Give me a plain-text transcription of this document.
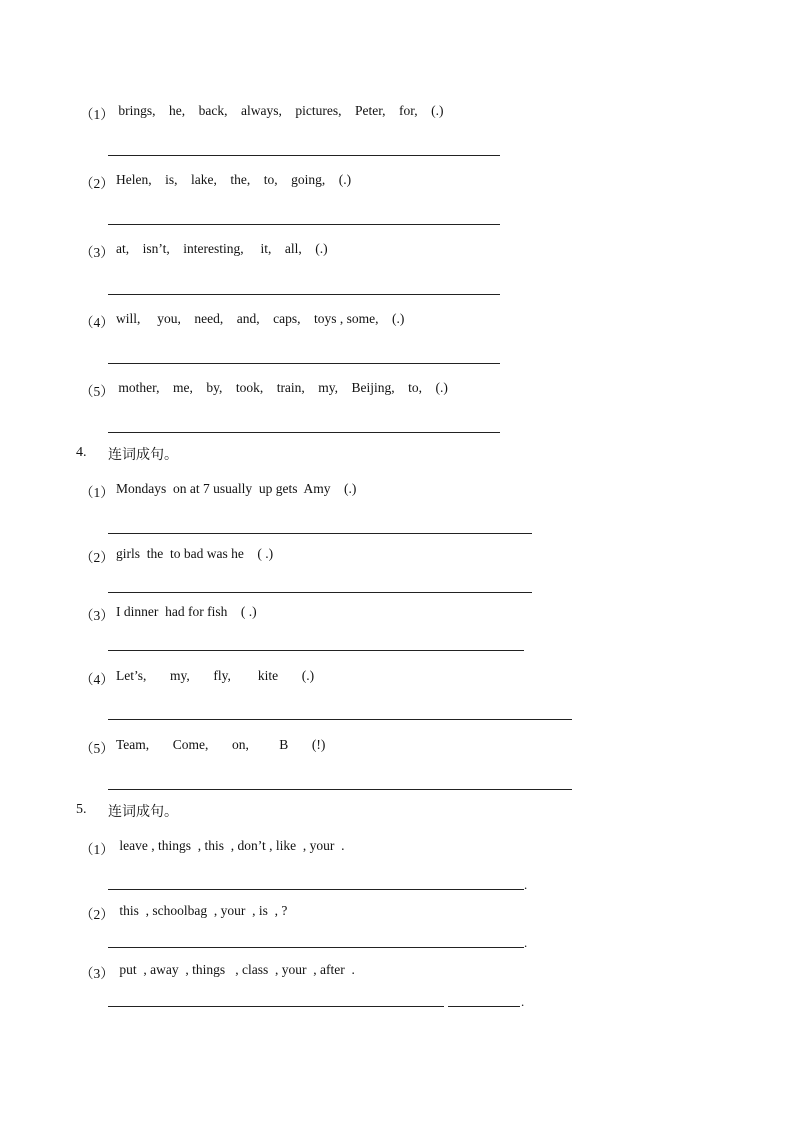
（1） brings,    he,    back,    always,    pictures,    Peter,    for,    (.)
（2） Helen,    is,    lake,    the,    to,    going,    (.)
（3） at,    isn’t,    interesting,     it,    all,    (.)
（4） will,     you,    need,    and,    caps,    toys , some,    (.)
（5） mother,    me,    by,    took,    train,    my,    Beijing,    to,    (.)
4. 连词成句。
（1） Mondays  on at 7 usually  up gets  Amy    (.)
（2） girls  the  to bad was he    ( .)
（3） I dinner  had for fish    ( .)
（4） Let’s,       my,       fly,        kite       (.)
（5） Team,       Come,       on,         B       (!)
5. 连词成句。
（1） leave , things  , this  , don’t , like  , your  .
.
（2） this  , schoolbag  , your  , is  , ?
.
（3） put  , away  , things   , class  , your  , after  .
.
